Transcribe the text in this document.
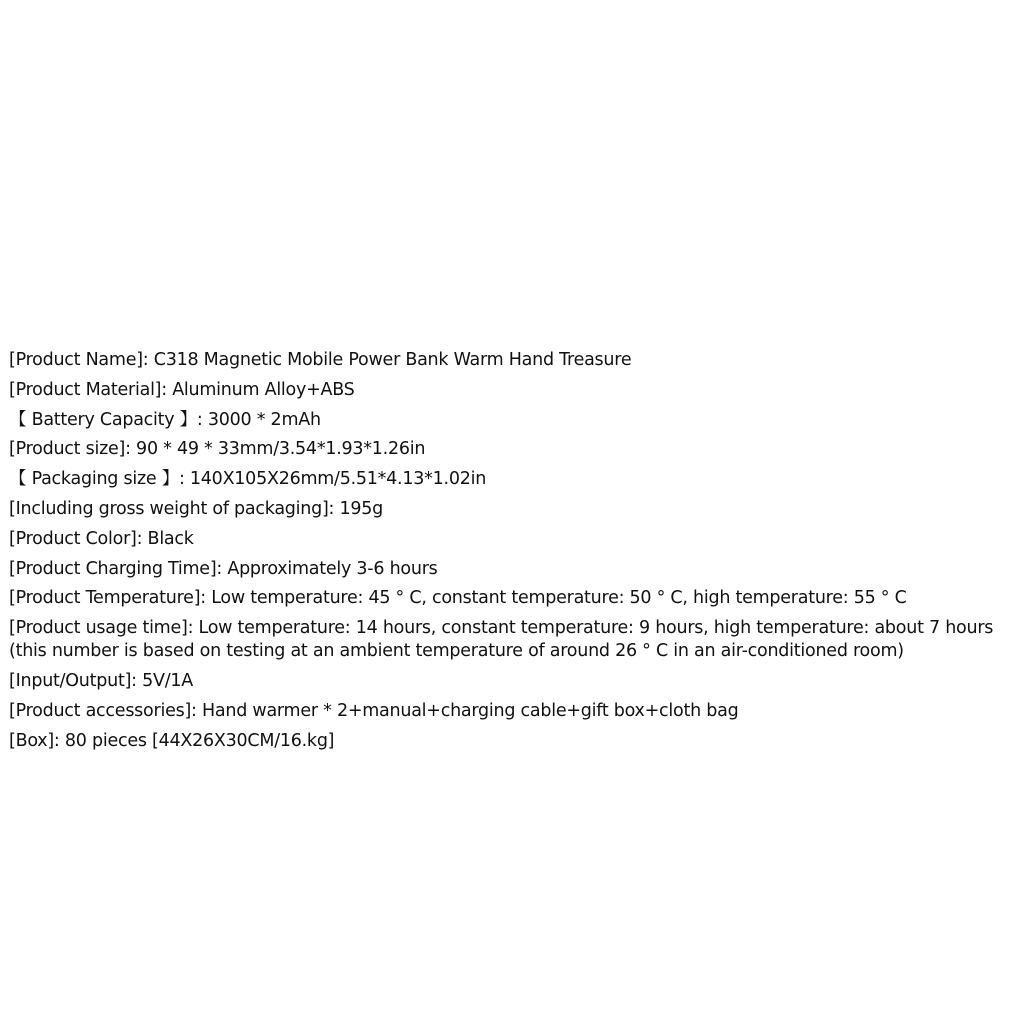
[Product Name]: C318 Magnetic Mobile Power Bank Warm Hand Treasure
[Product Material]: Aluminum Alloy+ABS
【 Battery Capacity 】: 3000 * 2mAh
[Product size]: 90 * 49 * 33mm/3.54*1.93*1.26in
【 Packaging size 】: 140X105X26mm/5.51*4.13*1.02in
[Including gross weight of packaging]: 195g
[Product Color]: Black
[Product Charging Time]: Approximately 3-6 hours
[Product Temperature]: Low temperature: 45 ° C, constant temperature: 50 ° C, high temperature: 55 ° C
[Product usage time]: Low temperature: 14 hours, constant temperature: 9 hours, high temperature: about 7 hours (this number is based on testing at an ambient temperature of around 26 ° C in an air-conditioned room)
[Input/Output]: 5V/1A
[Product accessories]: Hand warmer * 2+manual+charging cable+gift box+cloth bag
[Box]: 80 pieces [44X26X30CM/16.kg]
